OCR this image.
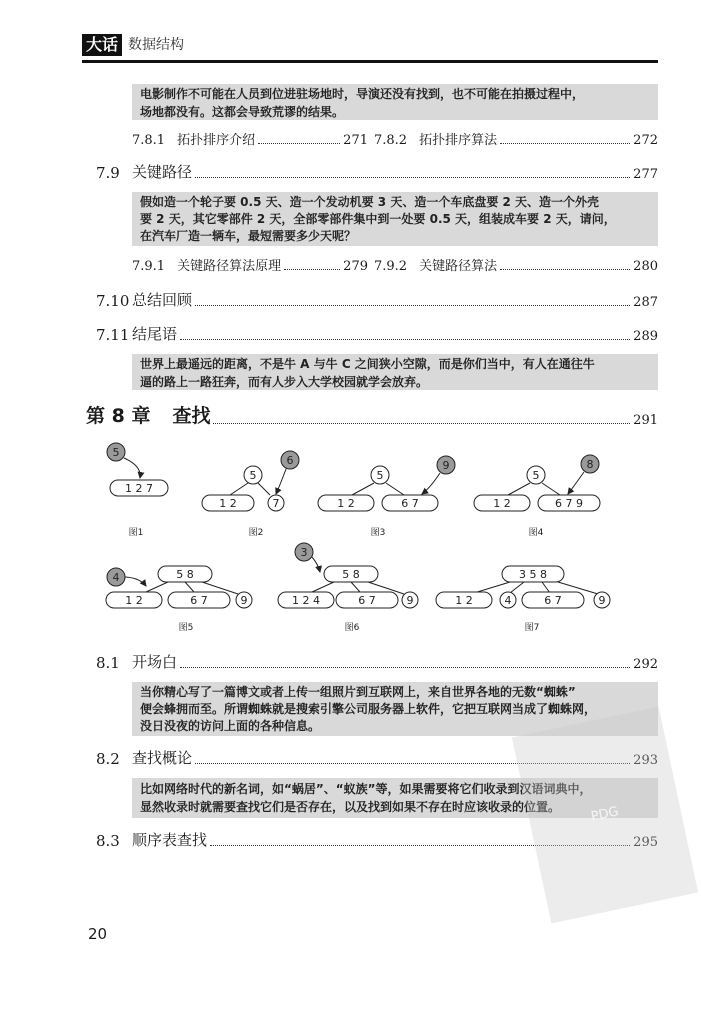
大话 数据结构
电影制作不可能在人员到位进驻场地时，导演还没有找到，也不可能在拍摄过程中，
场地都没有。这都会导致荒谬的结果。
7.8.1 拓扑排序介绍	271 7.8.2 拓扑排序算法	272
7.9 关键路径	277
假如造一个轮子要 0.5 天、造一个发动机要 3 天、造一个车底盘要 2 天、造一个外壳
要 2 天，其它零部件 2 天，全部零部件集中到一处要 0.5 天，组装成车要 2 天，请问，
在汽车厂造一辆车，最短需要多少天呢？
7.9.1 关键路径算法原理	279 7.9.2 关键路径算法	280
7.10 总结回顾	287
7.11 结尾语	289
世界上最遥远的距离，不是牛 A 与牛 C 之间狭小空隙，而是你们当中，有人在通往牛
逼的路上一路狂奔，而有人步入大学校园就学会放弃。
第 8 章 查找	291
5
1 2 7
5
6
1 2	7
5
9
1 2	6 7
5
8
1 2	6 7 9
4	5 8
1 2	6 7	9
3
5 8
1 2 4	6 7	9
3 5 8
1 2	4	6 7	9
图1	图2	图3	图4
图5	图6	图7
8.1 开场白	292
当你精心写了一篇博文或者上传一组照片到互联网上，来自世界各地的无数“蜘蛛”
便会蜂拥而至。所谓蜘蛛就是搜索引擎公司服务器上软件，它把互联网当成了蜘蛛网，
没日没夜的访问上面的各种信息。
8.2 查找概论	293
比如网络时代的新名词，如“蜗居”、“蚁族”等，如果需要将它们收录到汉语词典中，
显然收录时就需要查找它们是否存在，以及找到如果不存在时应该收录的位置。
8.3 顺序表查找	295
PDG
20
